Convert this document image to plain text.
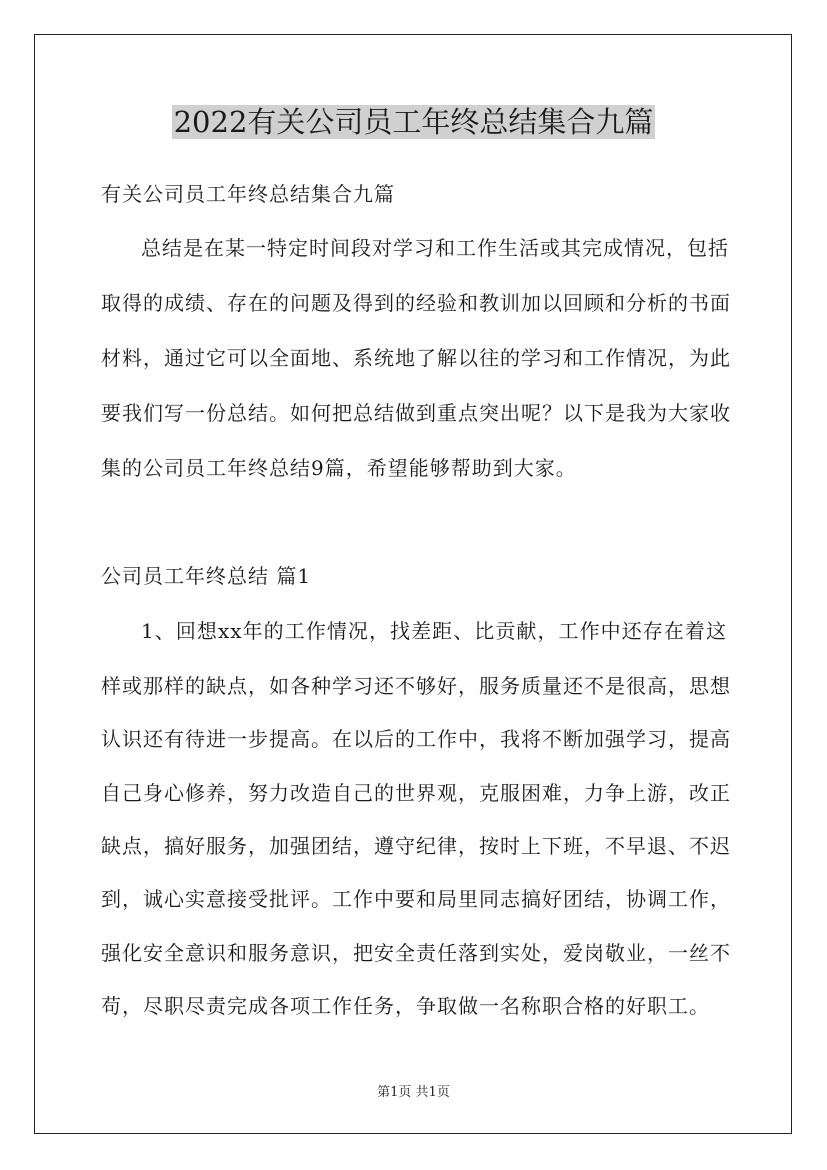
2022有关公司员工年终总结集合九篇
有关公司员工年终总结集合九篇
总结是在某一特定时间段对学习和工作生活或其完成情况，包括
取得的成绩、存在的问题及得到的经验和教训加以回顾和分析的书面
材料，通过它可以全面地、系统地了解以往的学习和工作情况，为此
要我们写一份总结。如何把总结做到重点突出呢？以下是我为大家收
集的公司员工年终总结9篇，希望能够帮助到大家。
公司员工年终总结 篇1
1、回想xx年的工作情况，找差距、比贡献，工作中还存在着这
样或那样的缺点，如各种学习还不够好，服务质量还不是很高，思想
认识还有待进一步提高。在以后的工作中，我将不断加强学习，提高
自己身心修养，努力改造自己的世界观，克服困难，力争上游，改正
缺点，搞好服务，加强团结，遵守纪律，按时上下班，不早退、不迟
到，诚心实意接受批评。工作中要和局里同志搞好团结，协调工作，
强化安全意识和服务意识，把安全责任落到实处，爱岗敬业，一丝不
苟，尽职尽责完成各项工作任务，争取做一名称职合格的好职工。
第1页 共1页
